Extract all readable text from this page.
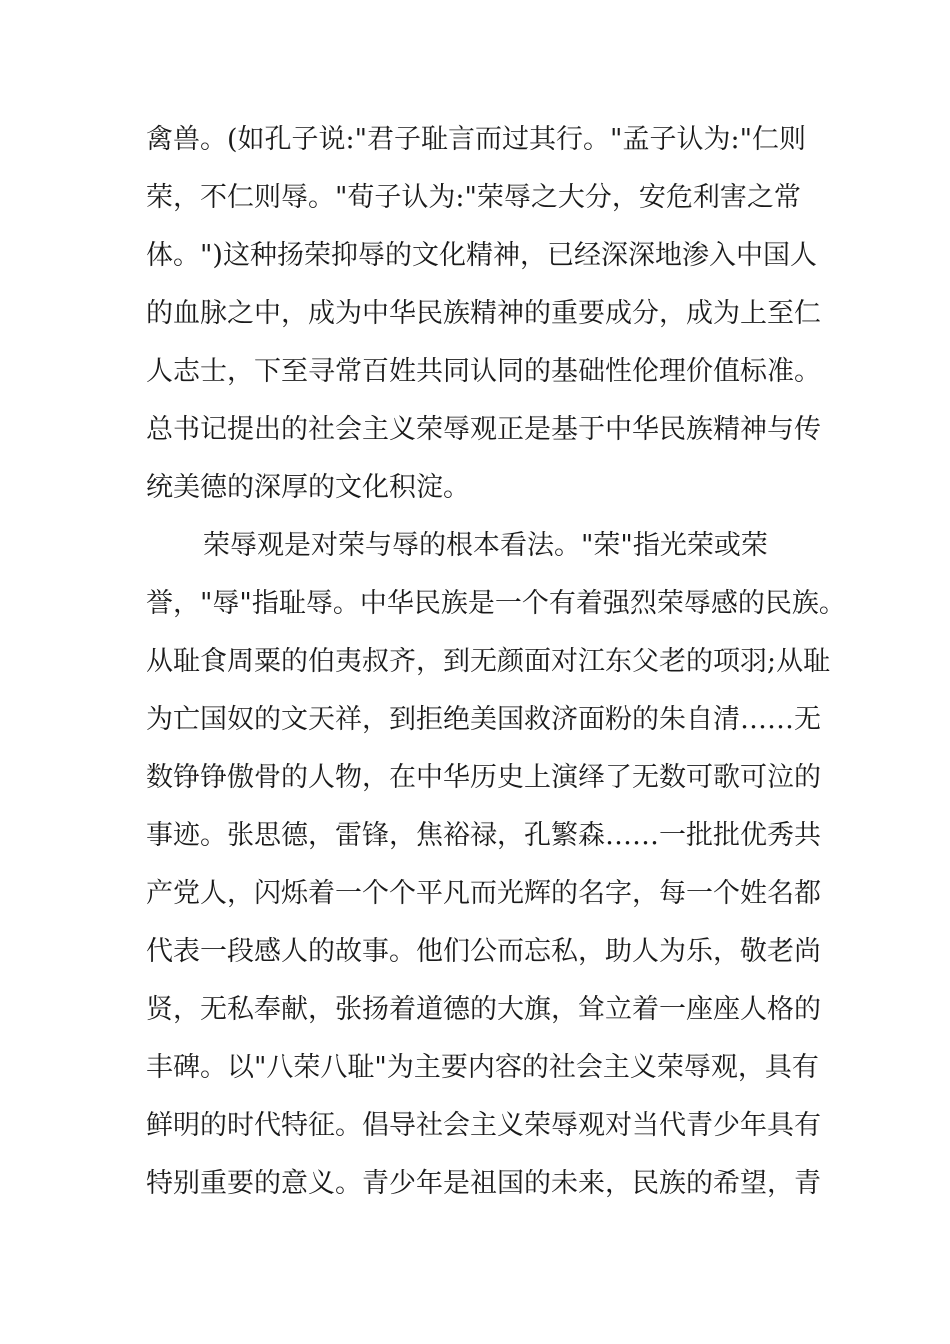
禽兽。(如孔子说:"君子耻言而过其行。"孟子认为:"仁则
荣，不仁则辱。"荀子认为:"荣辱之大分，安危利害之常
体。")这种扬荣抑辱的文化精神，已经深深地渗入中国人
的血脉之中，成为中华民族精神的重要成分，成为上至仁
人志士，下至寻常百姓共同认同的基础性伦理价值标准。
总书记提出的社会主义荣辱观正是基于中华民族精神与传
统美德的深厚的文化积淀。
荣辱观是对荣与辱的根本看法。"荣"指光荣或荣
誉，"辱"指耻辱。中华民族是一个有着强烈荣辱感的民族。
从耻食周粟的伯夷叔齐，到无颜面对江东父老的项羽;从耻
为亡国奴的文天祥，到拒绝美国救济面粉的朱自清……无
数铮铮傲骨的人物，在中华历史上演绎了无数可歌可泣的
事迹。张思德，雷锋，焦裕禄，孔繁森……一批批优秀共
产党人，闪烁着一个个平凡而光辉的名字，每一个姓名都
代表一段感人的故事。他们公而忘私，助人为乐，敬老尚
贤，无私奉献，张扬着道德的大旗，耸立着一座座人格的
丰碑。以"八荣八耻"为主要内容的社会主义荣辱观，具有
鲜明的时代特征。倡导社会主义荣辱观对当代青少年具有
特别重要的意义。青少年是祖国的未来，民族的希望，青
